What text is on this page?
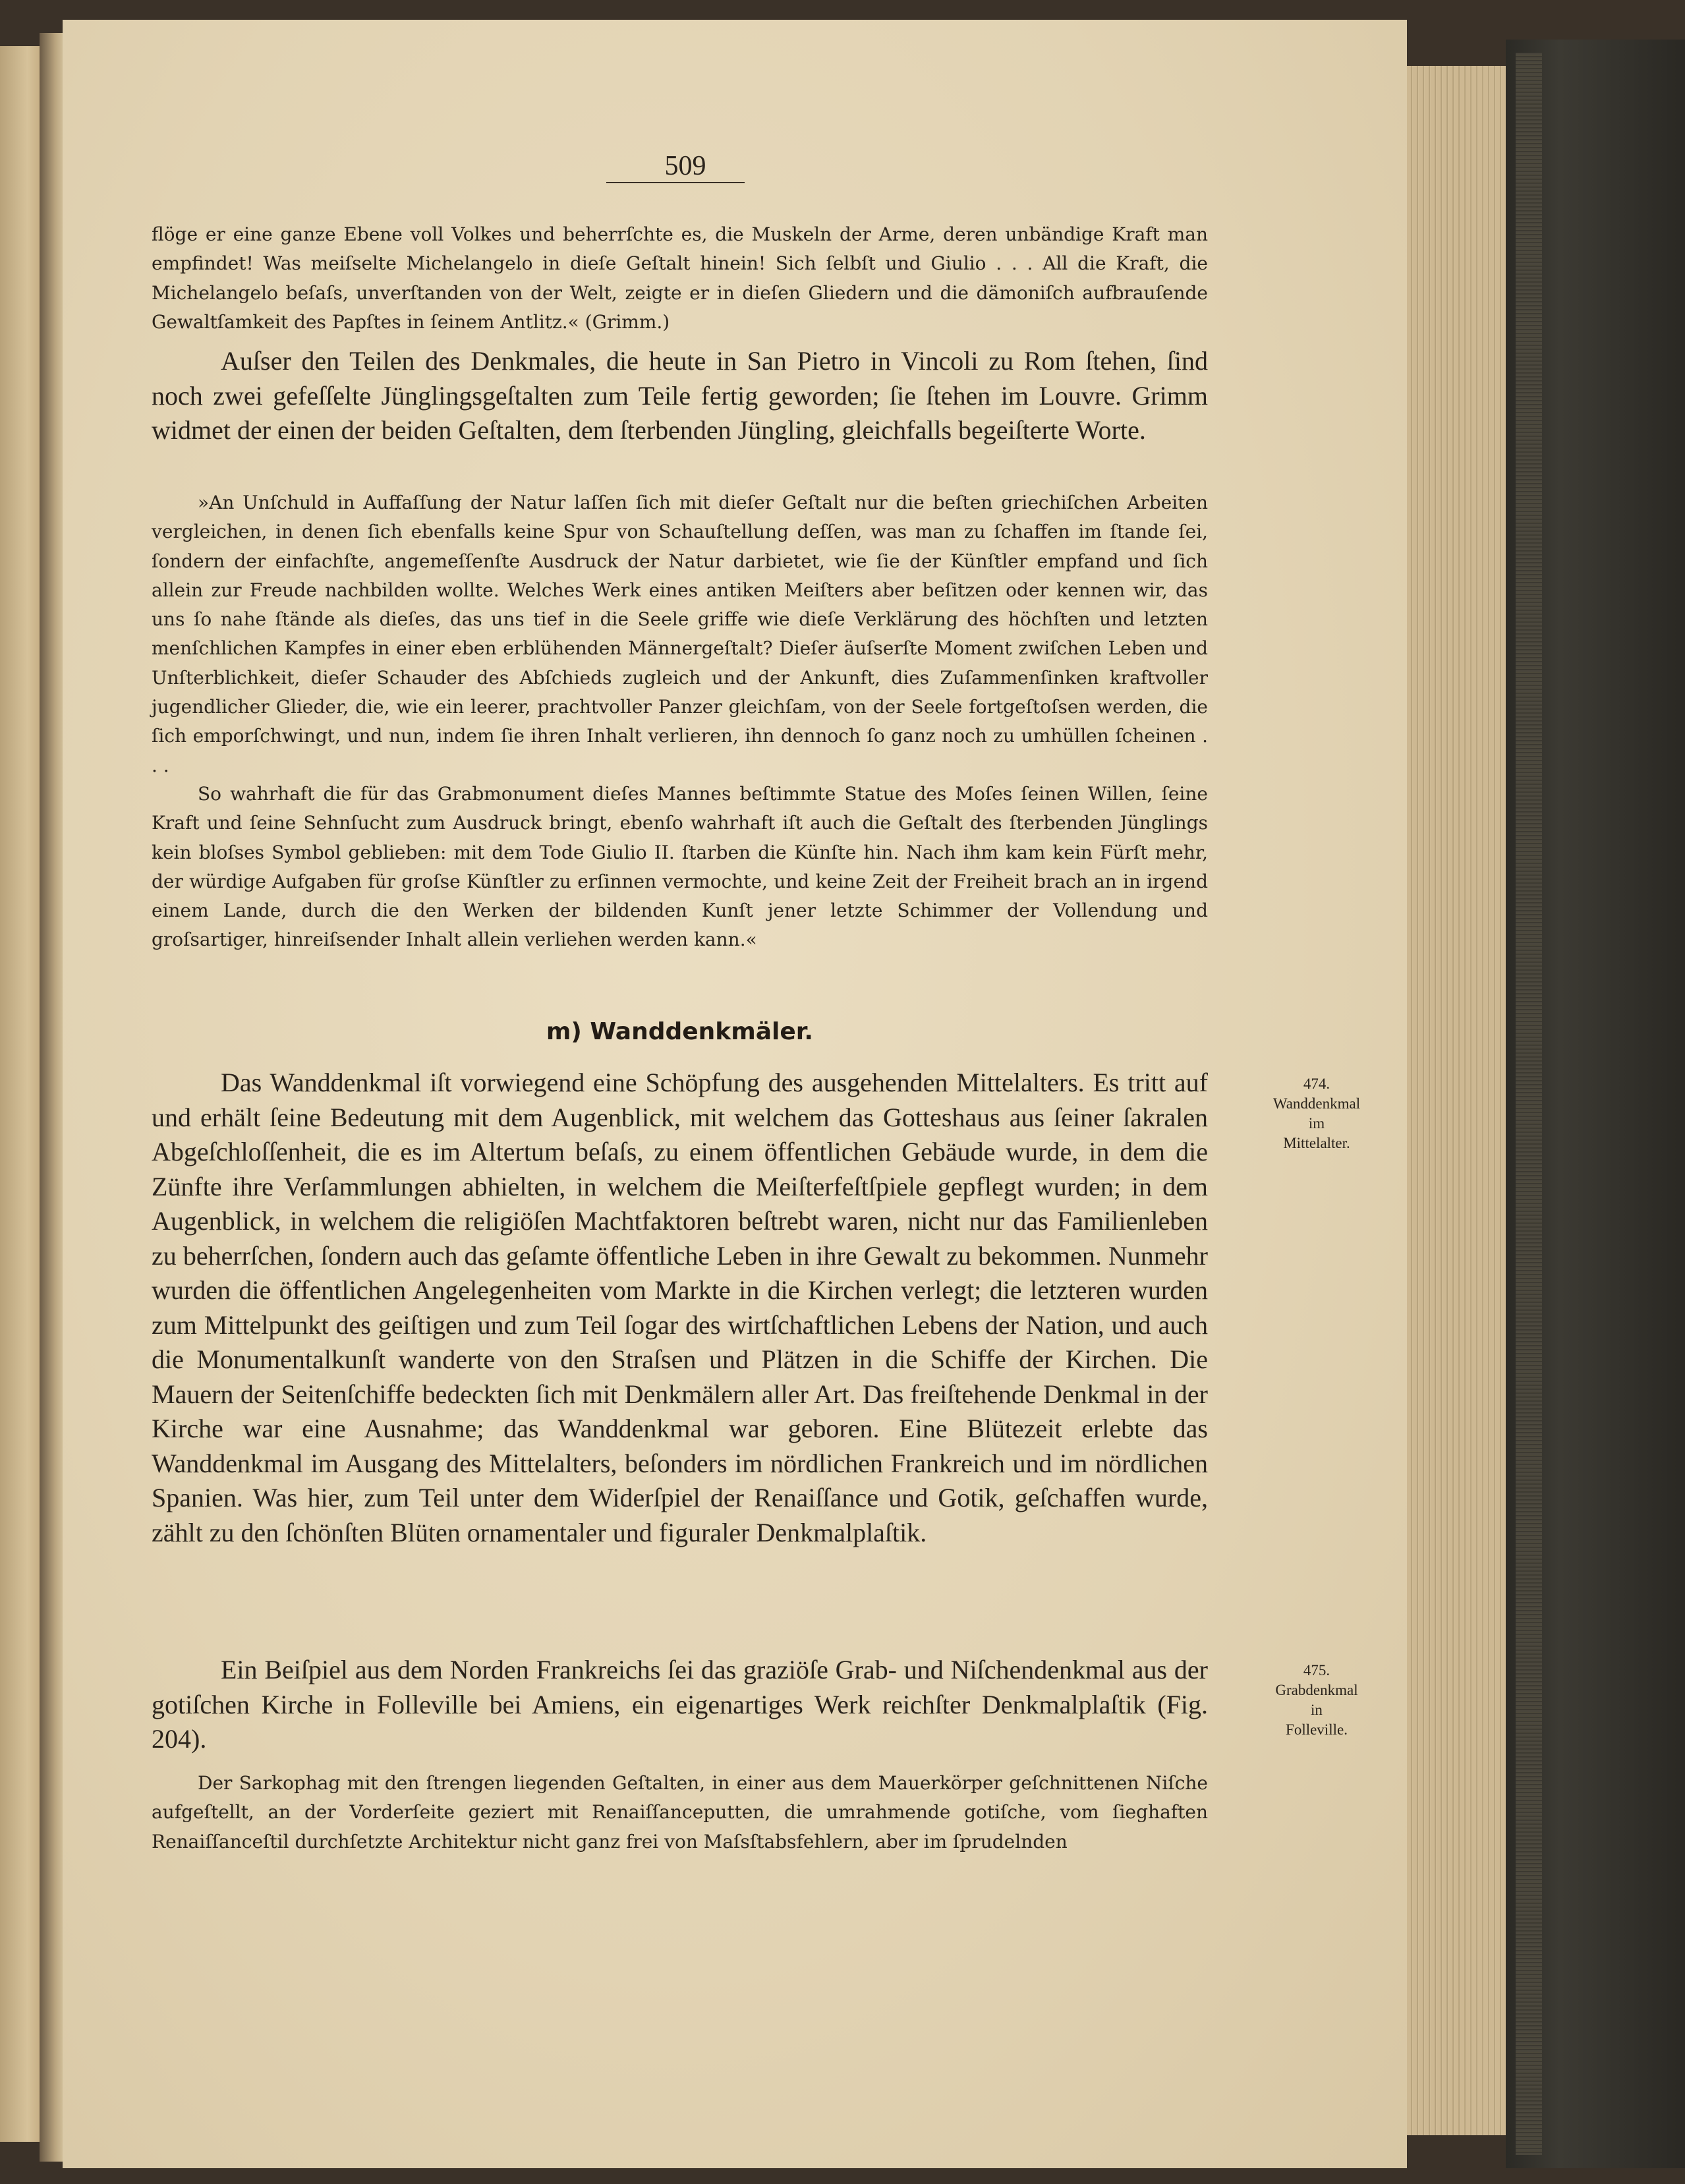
509

flöge er eine ganze Ebene voll Volkes und beherrſchte es, die Muskeln der Arme, deren unbändige Kraft man empfindet! Was meiſselte Michelangelo in dieſe Geſtalt hinein! Sich ſelbſt und Giulio . . . All die Kraft, die Michelangelo beſaſs, unverſtanden von der Welt, zeigte er in dieſen Gliedern und die dämoniſch aufbrauſende Gewaltſamkeit des Papſtes in ſeinem Antlitz.« (Grimm.)

Auſser den Teilen des Denkmales, die heute in San Pietro in Vincoli zu Rom ſtehen, ſind noch zwei gefeſſelte Jünglingsgeſtalten zum Teile fertig geworden; ſie ſtehen im Louvre. Grimm widmet der einen der beiden Geſtalten, dem ſterbenden Jüngling, gleichfalls begeiſterte Worte.

»An Unſchuld in Auffaſſung der Natur laſſen ſich mit dieſer Geſtalt nur die beſten griechiſchen Arbeiten vergleichen, in denen ſich ebenfalls keine Spur von Schauſtellung deſſen, was man zu ſchaffen im ſtande ſei, ſondern der einfachſte, angemeſſenſte Ausdruck der Natur darbietet, wie ſie der Künſtler empfand und ſich allein zur Freude nachbilden wollte. Welches Werk eines antiken Meiſters aber beſitzen oder kennen wir, das uns ſo nahe ſtände als dieſes, das uns tief in die Seele griffe wie dieſe Verklärung des höchſten und letzten menſchlichen Kampfes in einer eben erblühenden Männergeſtalt? Dieſer äuſserſte Moment zwiſchen Leben und Unſterblichkeit, dieſer Schauder des Abſchieds zugleich und der Ankunft, dies Zuſammenſinken kraftvoller jugendlicher Glieder, die, wie ein leerer, prachtvoller Panzer gleichſam, von der Seele fortgeſtoſsen werden, die ſich emporſchwingt, und nun, indem ſie ihren Inhalt verlieren, ihn dennoch ſo ganz noch zu umhüllen ſcheinen . . .

So wahrhaft die für das Grabmonument dieſes Mannes beſtimmte Statue des Moſes ſeinen Willen, ſeine Kraft und ſeine Sehnſucht zum Ausdruck bringt, ebenſo wahrhaft iſt auch die Geſtalt des ſterbenden Jünglings kein bloſses Symbol geblieben: mit dem Tode Giulio II. ſtarben die Künſte hin. Nach ihm kam kein Fürſt mehr, der würdige Aufgaben für groſse Künſtler zu erſinnen vermochte, und keine Zeit der Freiheit brach an in irgend einem Lande, durch die den Werken der bildenden Kunſt jener letzte Schimmer der Vollendung und groſsartiger, hinreiſsender Inhalt allein verliehen werden kann.«

m) Wanddenkmäler.

Das Wanddenkmal iſt vorwiegend eine Schöpfung des ausgehenden Mittelalters. Es tritt auf und erhält ſeine Bedeutung mit dem Augenblick, mit welchem das Gotteshaus aus ſeiner ſakralen Abgeſchloſſenheit, die es im Altertum beſaſs, zu einem öffentlichen Gebäude wurde, in dem die Zünfte ihre Verſammlungen abhielten, in welchem die Meiſterfeſtſpiele gepflegt wurden; in dem Augenblick, in welchem die religiöſen Machtfaktoren beſtrebt waren, nicht nur das Familienleben zu beherrſchen, ſondern auch das geſamte öffentliche Leben in ihre Gewalt zu bekommen. Nunmehr wurden die öffentlichen Angelegenheiten vom Markte in die Kirchen verlegt; die letzteren wurden zum Mittelpunkt des geiſtigen und zum Teil ſogar des wirtſchaftlichen Lebens der Nation, und auch die Monumentalkunſt wanderte von den Straſsen und Plätzen in die Schiffe der Kirchen. Die Mauern der Seitenſchiffe bedeckten ſich mit Denkmälern aller Art. Das freiſtehende Denkmal in der Kirche war eine Ausnahme; das Wanddenkmal war geboren. Eine Blütezeit erlebte das Wanddenkmal im Ausgang des Mittelalters, beſonders im nördlichen Frankreich und im nördlichen Spanien. Was hier, zum Teil unter dem Widerſpiel der Renaiſſance und Gotik, geſchaffen wurde, zählt zu den ſchönſten Blüten ornamentaler und figuraler Denkmalplaſtik.

Ein Beiſpiel aus dem Norden Frankreichs ſei das graziöſe Grab- und Niſchendenkmal aus der gotiſchen Kirche in Folleville bei Amiens, ein eigenartiges Werk reichſter Denkmalplaſtik (Fig. 204).

Der Sarkophag mit den ſtrengen liegenden Geſtalten, in einer aus dem Mauerkörper geſchnittenen Niſche aufgeſtellt, an der Vorderſeite geziert mit Renaiſſanceputten, die umrahmende gotiſche, vom ſieghaften Renaiſſanceſtil durchſetzte Architektur nicht ganz frei von Maſsſtabsfehlern, aber im ſprudelnden

474.
Wanddenkmal
im
Mittelalter.
475.
Grabdenkmal
in
Folleville.
